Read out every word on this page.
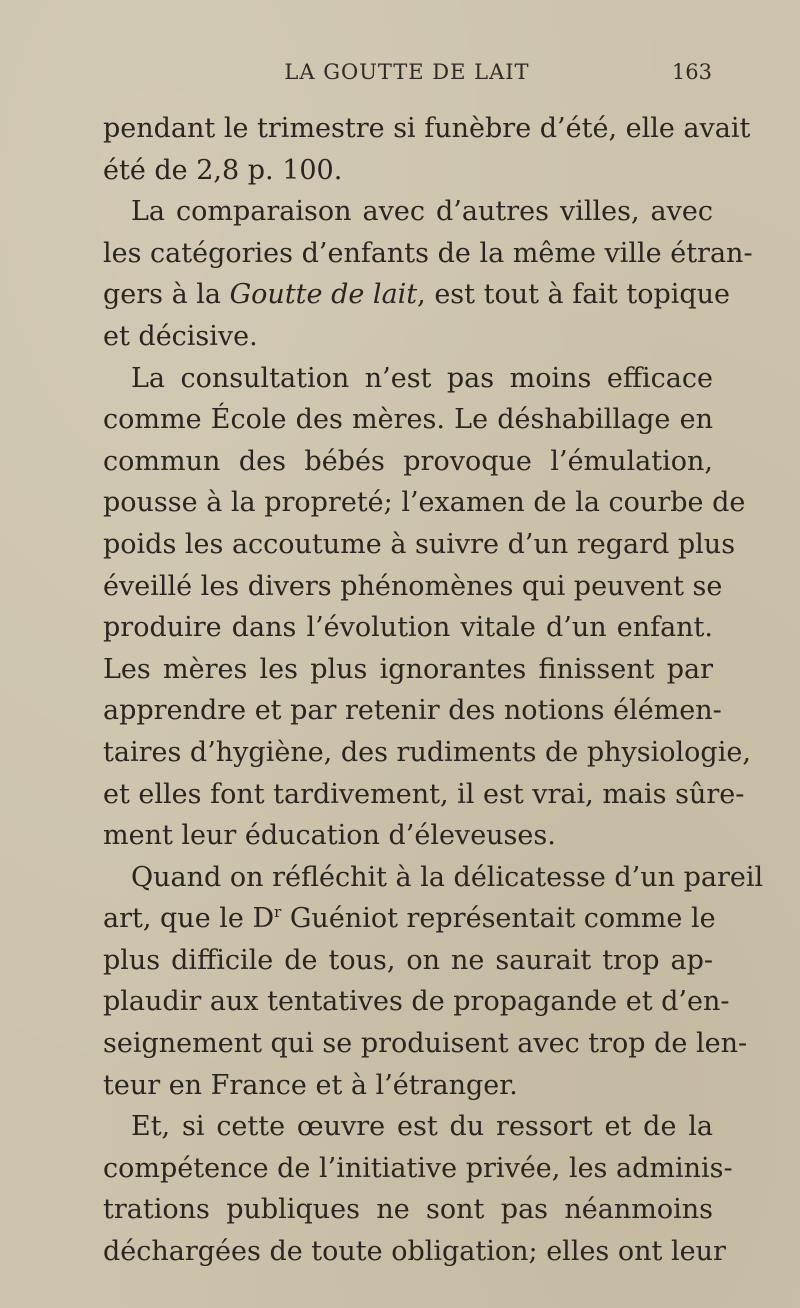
LA GOUTTE DE LAIT	163
pendant le trimestre si funèbre d’été, elle avait
été de 2,8 p. 100.
La comparaison avec d’autres villes, avec
les catégories d’enfants de la même ville étran-
gers à la Goutte de lait, est tout à fait topique
et décisive.
La consultation n’est pas moins efficace
comme École des mères. Le déshabillage en
commun des bébés provoque l’émulation,
pousse à la propreté; l’examen de la courbe de
poids les accoutume à suivre d’un regard plus
éveillé les divers phénomènes qui peuvent se
produire dans l’évolution vitale d’un enfant.
Les mères les plus ignorantes finissent par
apprendre et par retenir des notions élémen-
taires d’hygiène, des rudiments de physiologie,
et elles font tardivement, il est vrai, mais sûre-
ment leur éducation d’éleveuses.
Quand on réfléchit à la délicatesse d’un pareil
art, que le $D^r$ Guéniot représentait comme le
plus difficile de tous, on ne saurait trop ap-
plaudir aux tentatives de propagande et d’en-
seignement qui se produisent avec trop de len-
teur en France et à l’étranger.
Et, si cette œuvre est du ressort et de la
compétence de l’initiative privée, les adminis-
trations publiques ne sont pas néanmoins
déchargées de toute obligation; elles ont leur
